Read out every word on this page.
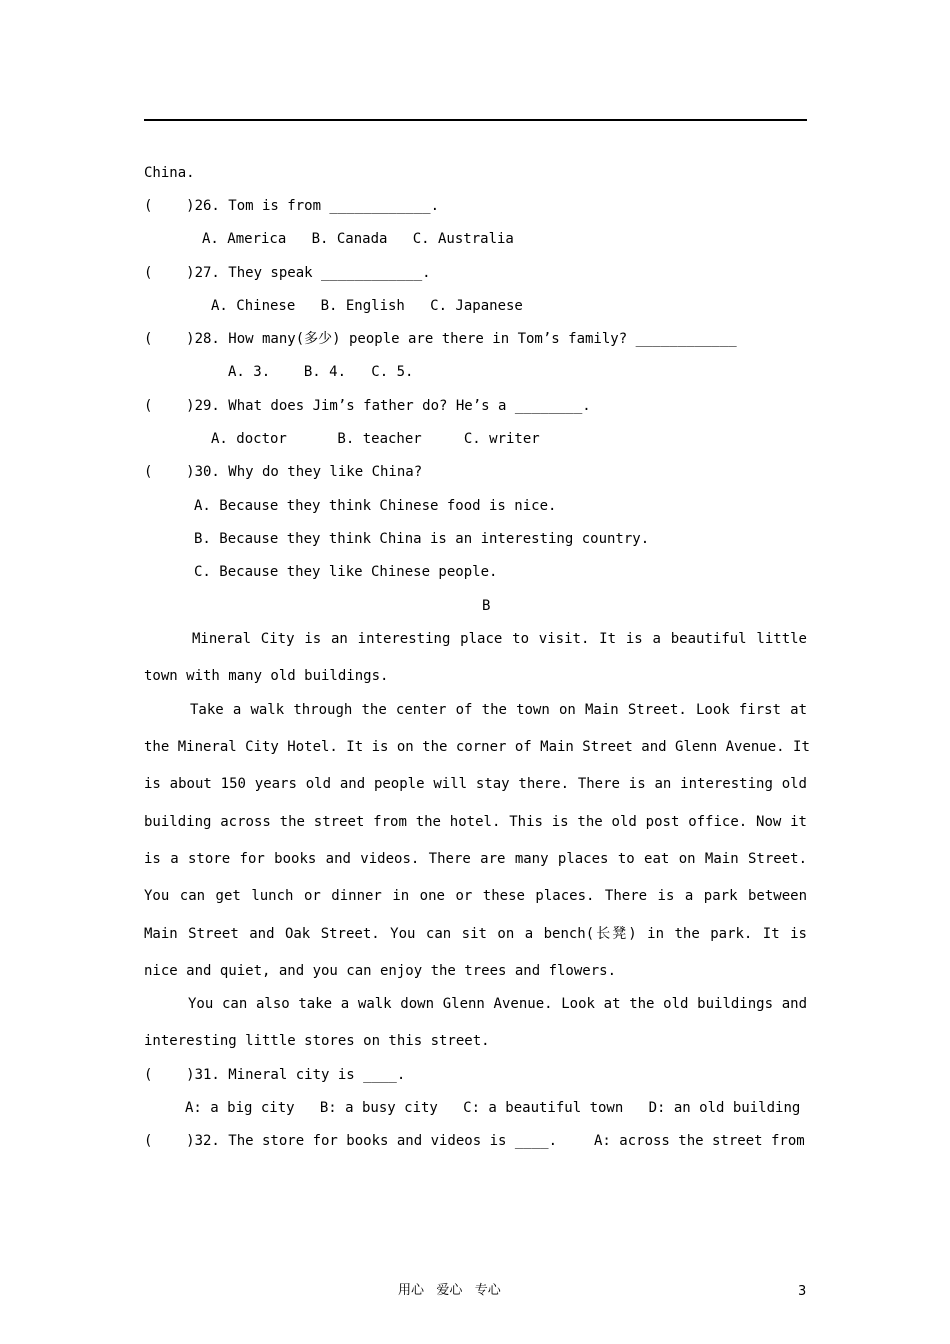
China.
(    )26. Tom is from ____________.
A. America   B. Canada   C. Australia
(    )27. They speak ____________.
A. Chinese   B. English   C. Japanese
(    )28. How many(多少) people are there in Tom’s family? ____________
A. 3.    B. 4.   C. 5.
(    )29. What does Jim’s father do? He’s a ________.
A. doctor      B. teacher     C. writer
(    )30. Why do they like China?
A. Because they think Chinese food is nice.
B. Because they think China is an interesting country.
C. Because they like Chinese people.
B
Mineral City is an interesting place to visit. It is a beautiful little
town with many old buildings.
Take a walk through the center of the town on Main Street. Look first at
the Mineral City Hotel. It is on the corner of Main Street and Glenn Avenue. It
is about 150 years old and people will stay there. There is an interesting old
building across the street from the hotel. This is the old post office. Now it
is a store for books and videos. There are many places to eat on Main Street.
You can get lunch or dinner in one or these places. There is a park between
Main Street and Oak Street. You can sit on a bench(长凳) in the park. It is
nice and quiet, and you can enjoy the trees and flowers.
You can also take a walk down Glenn Avenue. Look at the old buildings and
interesting little stores on this street.
(    )31. Mineral city is ____.
A: a big city   B: a busy city   C: a beautiful town   D: an old building
(    )32. The store for books and videos is ____.	A: across the street from
用心   爱心   专心	3
